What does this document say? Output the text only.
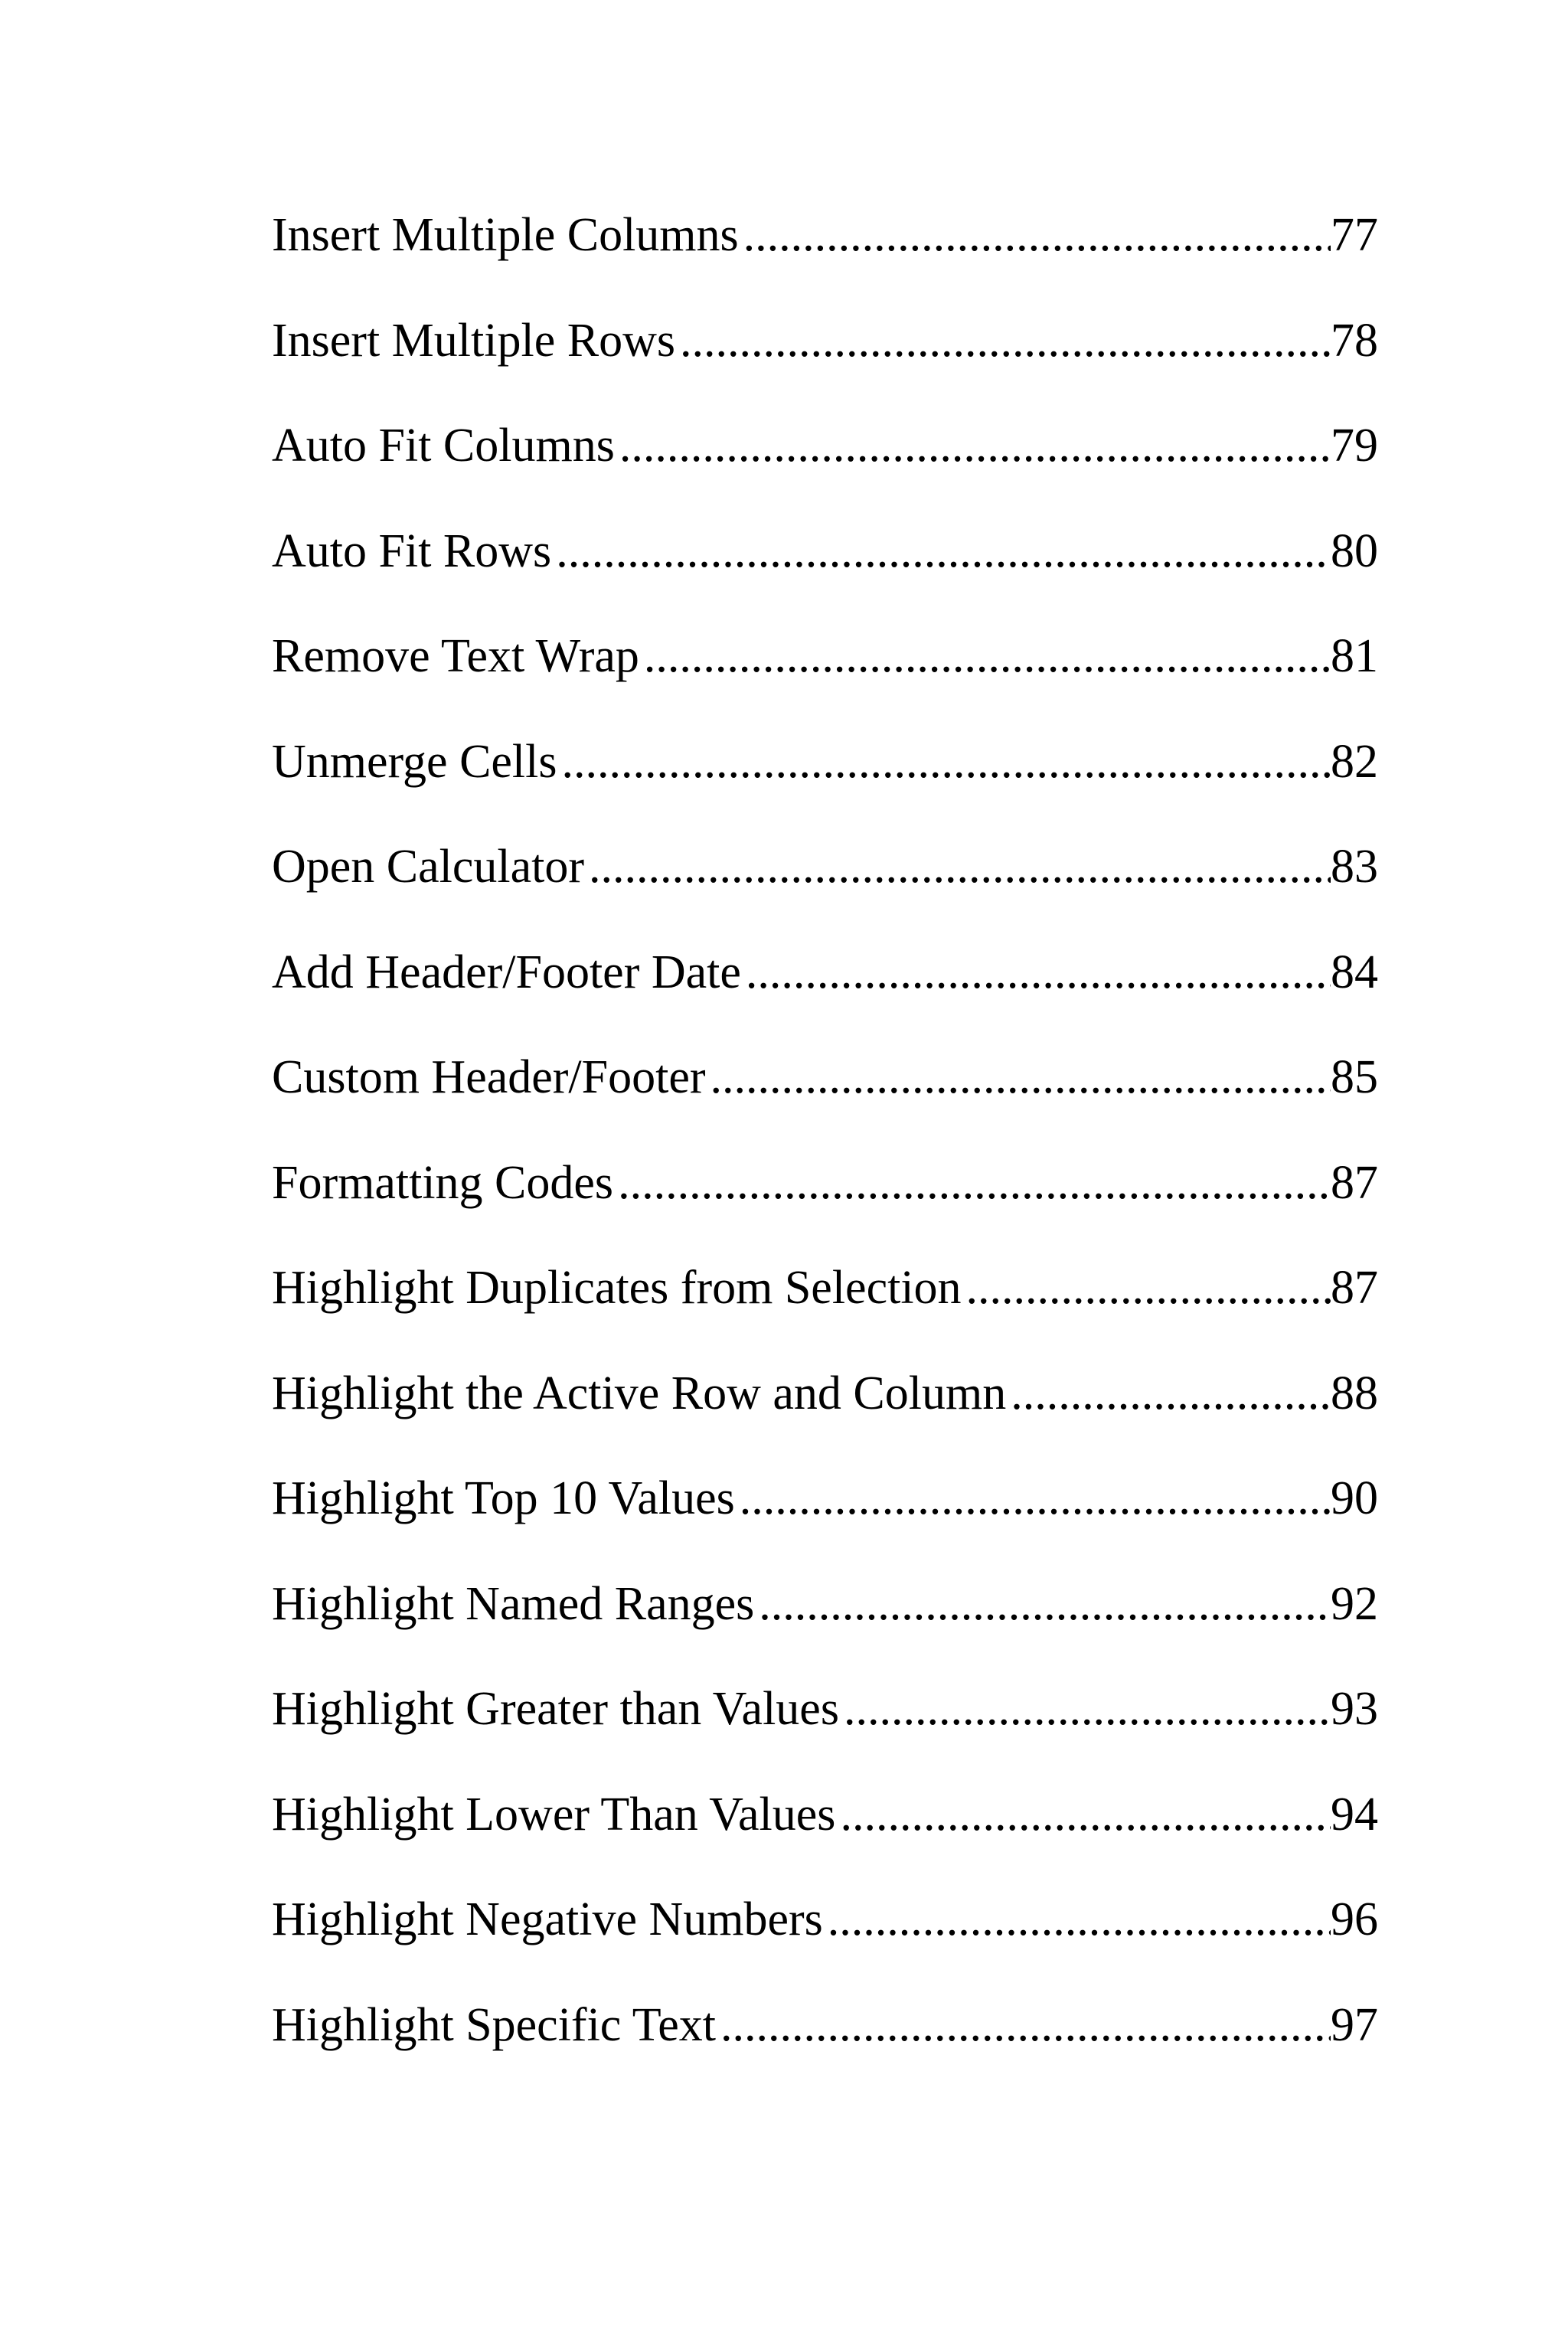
Insert Multiple Columns .....	77
Insert Multiple Rows .....	78
Auto Fit Columns .....	79
Auto Fit Rows .....	80
Remove Text Wrap .....	81
Unmerge Cells .....	82
Open Calculator .....	83
Add Header/Footer Date .....	84
Custom Header/Footer .....	85
Formatting Codes .....	87
Highlight Duplicates from Selection .....	87
Highlight the Active Row and Column .....	88
Highlight Top 10 Values .....	90
Highlight Named Ranges .....	92
Highlight Greater than Values .....	93
Highlight Lower Than Values .....	94
Highlight Negative Numbers .....	96
Highlight Specific Text .....	97
